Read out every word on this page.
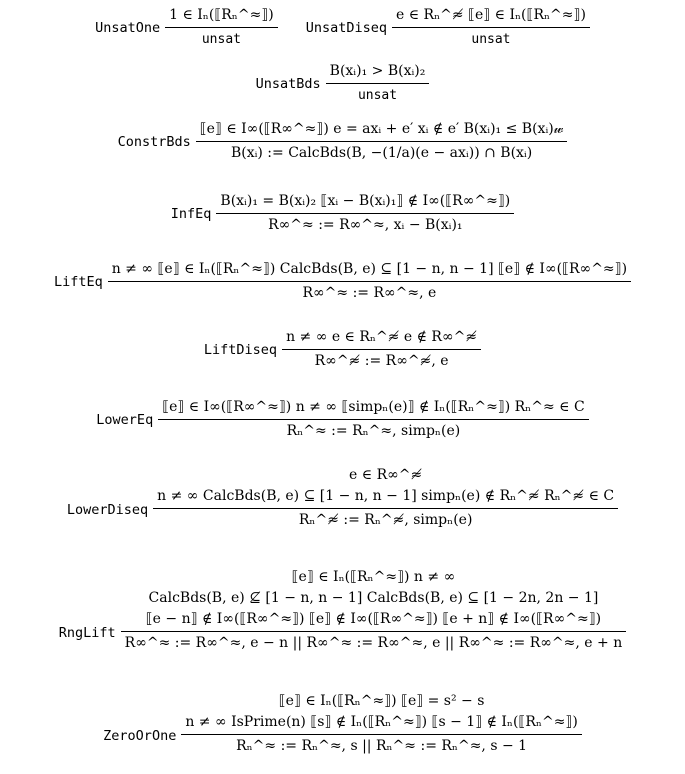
UnsatOne $\frac{\text{1 ∈ Iₙ(⟦Rₙ\textasciicircum{}≈⟧)}}{\text{unsat}}$ UnsatDiseq $\frac{\text{e ∈ Rₙ\textasciicircum{}≉ ⟦e⟧ ∈ Iₙ(⟦Rₙ\textasciicircum{}≈⟧)}}{\text{unsat}}$
UnsatBds $\frac{\text{B(xᵢ)₁ > B(xᵢ)₂}}{\text{unsat}}$
ConstrBds $\frac{\text{⟦e⟧ ∈ I∞(⟦R∞\textasciicircum{}≈⟧) e = axᵢ + e′ xᵢ ∉ e′ B(xᵢ)₁ ≤ B(xᵢ)𝓌}}{\text{B(xᵢ) := CalcBds(B, −(1/a)(e − axᵢ)) ∩ B(xᵢ)}}$
InfEq $\frac{\text{B(xᵢ)₁ = B(xᵢ)₂ ⟦xᵢ − B(xᵢ)₁⟧ ∉ I∞(⟦R∞\textasciicircum{}≈⟧)}}{\text{R∞\textasciicircum{}≈ := R∞\textasciicircum{}≈, xᵢ − B(xᵢ)₁}}$
LiftEq
n ≠ ∞ ⟦e⟧ ∈ Iₙ(⟦Rₙ^≈⟧) CalcBds(B, e) ⊆ [1 − n, n − 1] ⟦e⟧ ∉ I∞(⟦R∞^≈⟧)
R∞^≈ := R∞^≈, e
LiftDiseq $\frac{\text{n ≠ ∞ e ∈ Rₙ\textasciicircum{}≉ e ∉ R∞\textasciicircum{}≉}}{R\infty\^{}≉ := R\infty\^{}≉, e}$
LowerEq
⟦e⟧ ∈ I∞(⟦R∞^≈⟧) n ≠ ∞ ⟦simpₙ(e)⟧ ∉ Iₙ(⟦Rₙ^≈⟧) Rₙ^≈ ∈ C
Rₙ^≈ := Rₙ^≈, simpₙ(e)
LowerDiseq
e ∈ R∞^≉
n ≠ ∞ CalcBds(B, e) ⊆ [1 − n, n − 1] simpₙ(e) ∉ Rₙ^≉ Rₙ^≉ ∈ C
Rₙ^≉ := Rₙ^≉, simpₙ(e)
RngLift
⟦e⟧ ∈ Iₙ(⟦Rₙ^≈⟧) n ≠ ∞
CalcBds(B, e) ⊈ [1 − n, n − 1] CalcBds(B, e) ⊆ [1 − 2n, 2n − 1]
⟦e − n⟧ ∉ I∞(⟦R∞^≈⟧) ⟦e⟧ ∉ I∞(⟦R∞^≈⟧) ⟦e + n⟧ ∉ I∞(⟦R∞^≈⟧)
R∞^≈ := R∞^≈, e − n || R∞^≈ := R∞^≈, e || R∞^≈ := R∞^≈, e + n
ZeroOrOne
⟦e⟧ ∈ Iₙ(⟦Rₙ^≈⟧) ⟦e⟧ = s² − s
n ≠ ∞ IsPrime(n) ⟦s⟧ ∉ Iₙ(⟦Rₙ^≈⟧) ⟦s − 1⟧ ∉ Iₙ(⟦Rₙ^≈⟧)
Rₙ^≈ := Rₙ^≈, s || Rₙ^≈ := Rₙ^≈, s − 1
